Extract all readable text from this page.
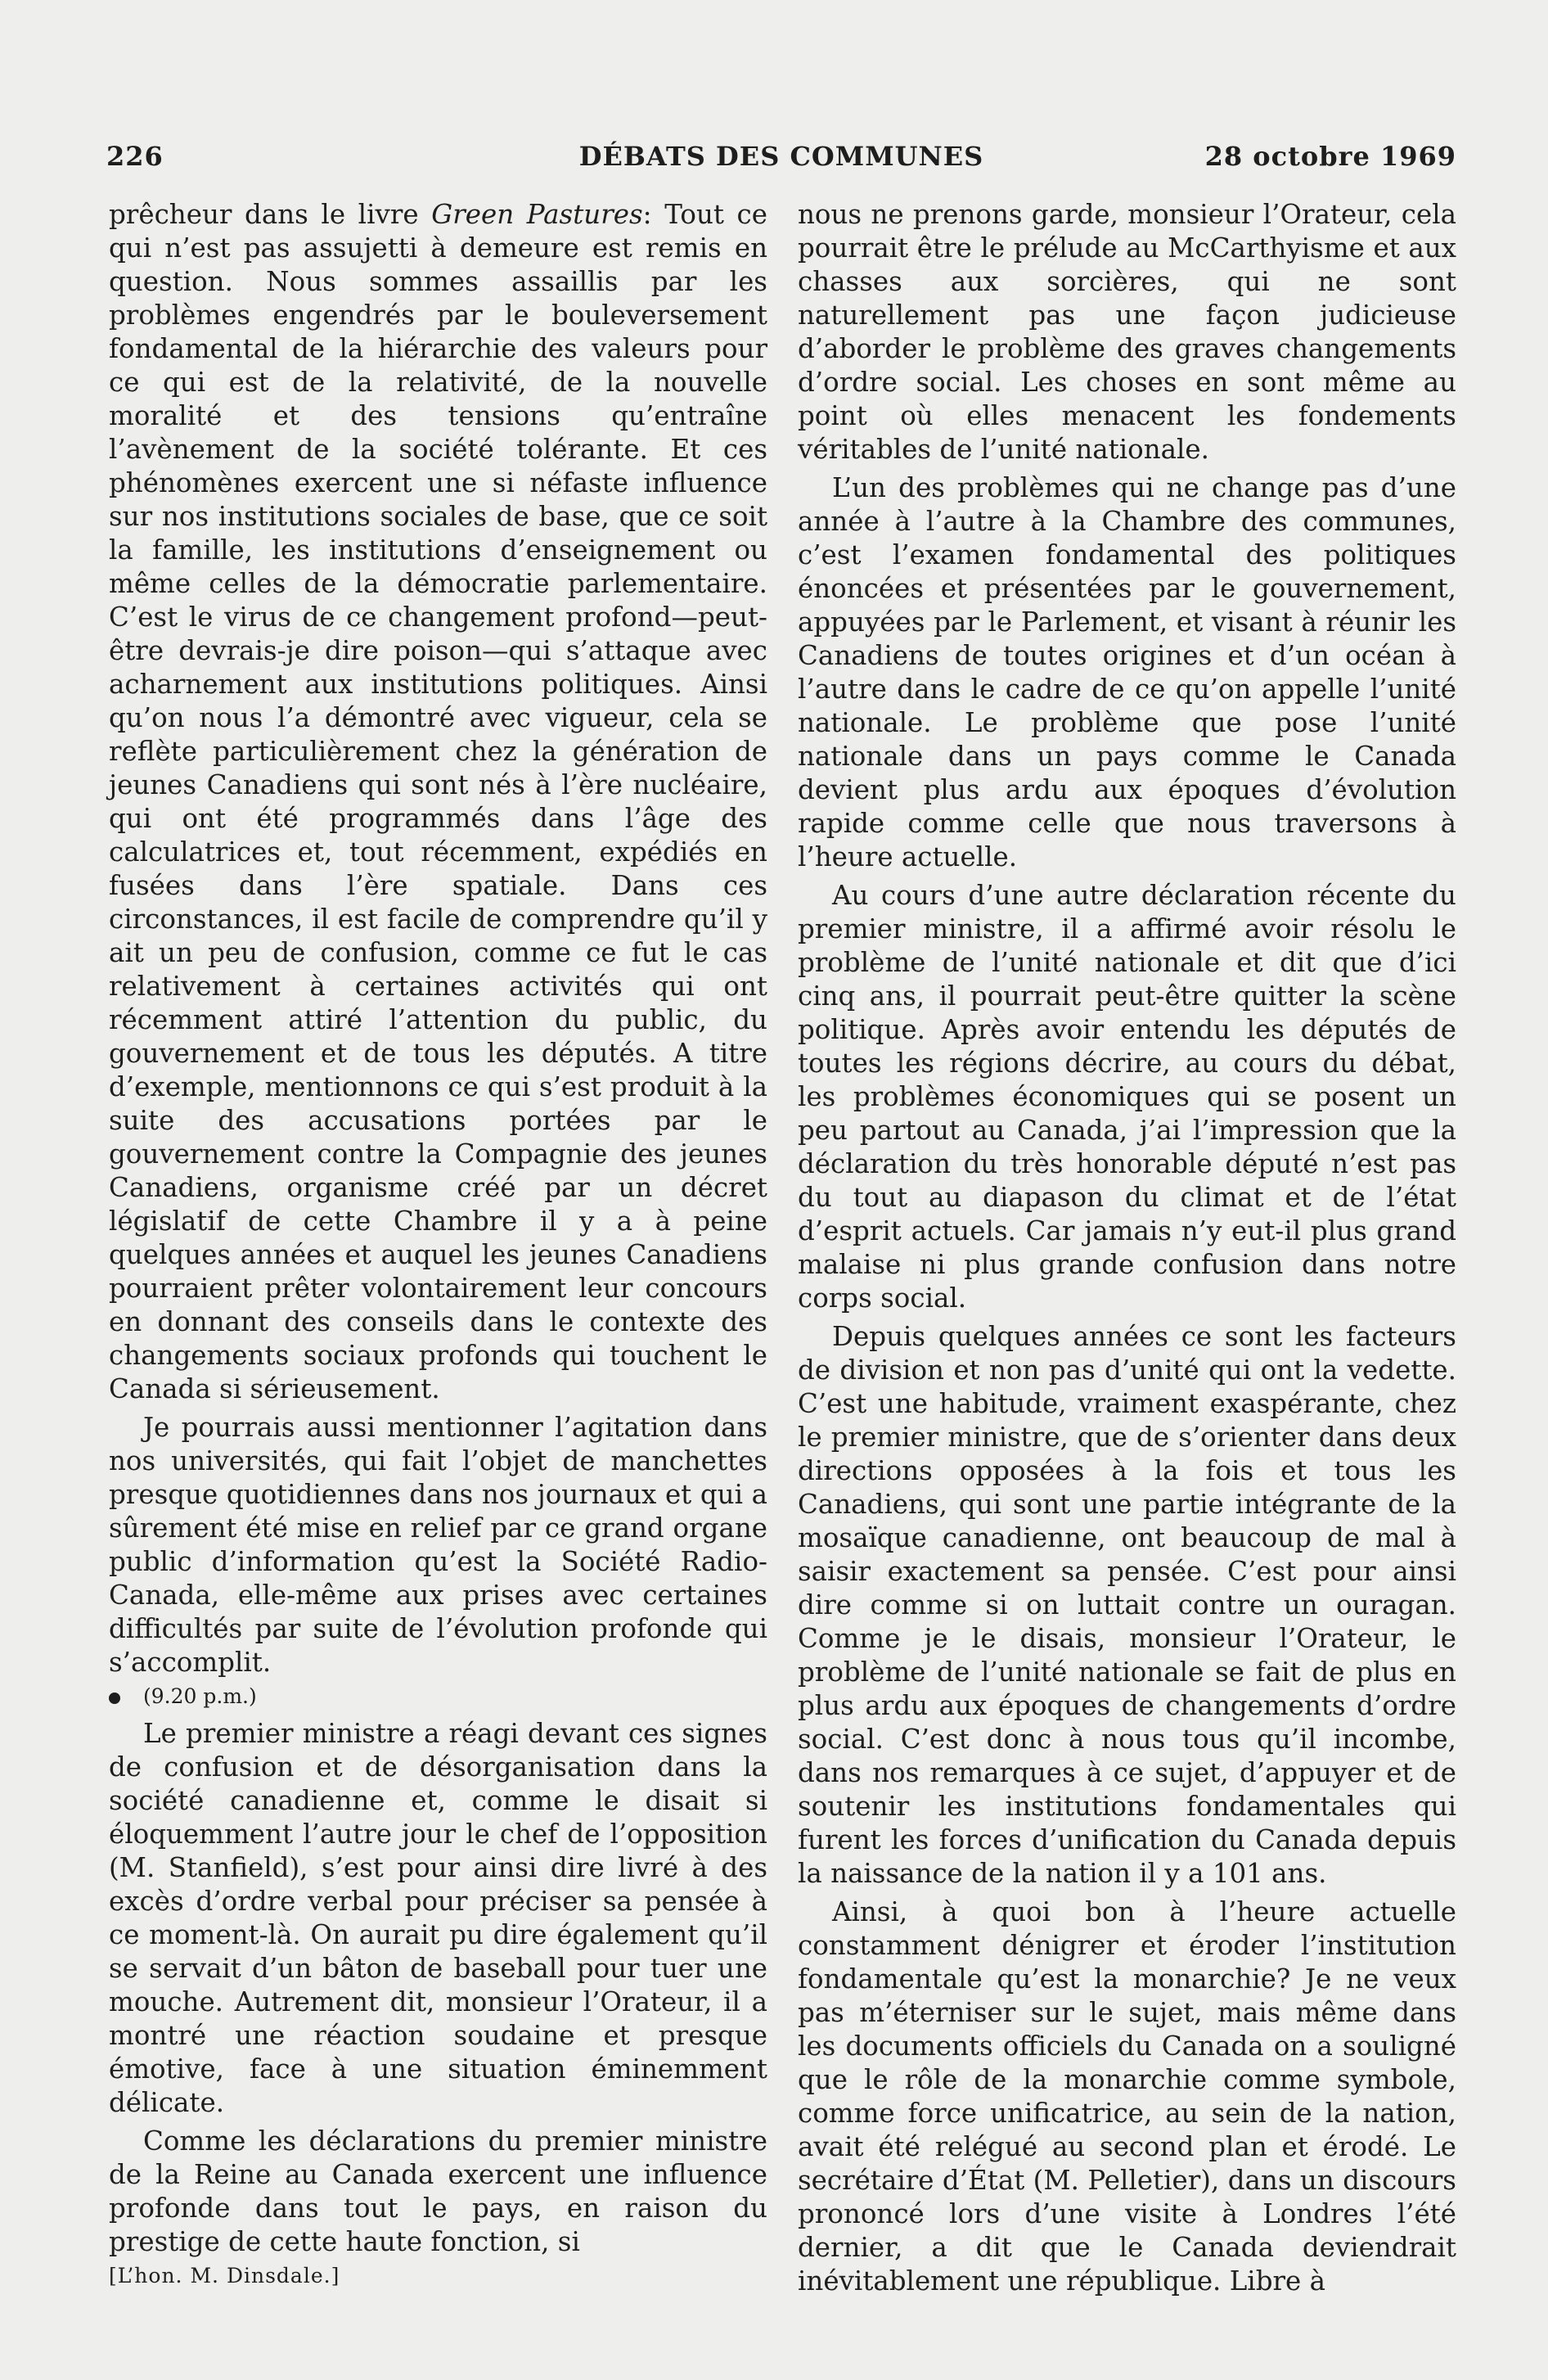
226	DÉBATS DES COMMUNES	28 octobre 1969

prêcheur dans le livre Green Pastures: Tout ce qui n’est pas assujetti à demeure est remis en question. Nous sommes assaillis par les problèmes engendrés par le bouleversement fondamental de la hiérarchie des valeurs pour ce qui est de la relativité, de la nouvelle moralité et des tensions qu’entraîne l’avènement de la société tolérante. Et ces phénomènes exercent une si néfaste influence sur nos institutions sociales de base, que ce soit la famille, les institutions d’enseignement ou même celles de la démocratie parlementaire. C’est le virus de ce changement profond—peut-être devrais-je dire poison—qui s’attaque avec acharnement aux institutions politiques. Ainsi qu’on nous l’a démontré avec vigueur, cela se reflète particulièrement chez la génération de jeunes Canadiens qui sont nés à l’ère nucléaire, qui ont été programmés dans l’âge des calculatrices et, tout récemment, expédiés en fusées dans l’ère spatiale. Dans ces circonstances, il est facile de comprendre qu’il y ait un peu de confusion, comme ce fut le cas relativement à certaines activités qui ont récemment attiré l’attention du public, du gouvernement et de tous les députés. A titre d’exemple, mentionnons ce qui s’est produit à la suite des accusations portées par le gouvernement contre la Compagnie des jeunes Canadiens, organisme créé par un décret législatif de cette Chambre il y a à peine quelques années et auquel les jeunes Canadiens pourraient prêter volontairement leur concours en donnant des conseils dans le contexte des changements sociaux profonds qui touchent le Canada si sérieusement.

Je pourrais aussi mentionner l’agitation dans nos universités, qui fait l’objet de manchettes presque quotidiennes dans nos journaux et qui a sûrement été mise en relief par ce grand organe public d’information qu’est la Société Radio-Canada, elle-même aux prises avec certaines difficultés par suite de l’évolution profonde qui s’accomplit.

(9.20 p.m.)

Le premier ministre a réagi devant ces signes de confusion et de désorganisation dans la société canadienne et, comme le disait si éloquemment l’autre jour le chef de l’opposition (M. Stanfield), s’est pour ainsi dire livré à des excès d’ordre verbal pour préciser sa pensée à ce moment-là. On aurait pu dire également qu’il se servait d’un bâton de baseball pour tuer une mouche. Autrement dit, monsieur l’Orateur, il a montré une réaction soudaine et presque émotive, face à une situation éminemment délicate.

Comme les déclarations du premier ministre de la Reine au Canada exercent une influence profonde dans tout le pays, en raison du prestige de cette haute fonction, si

[L’hon. M. Dinsdale.]

nous ne prenons garde, monsieur l’Orateur, cela pourrait être le prélude au McCarthyisme et aux chasses aux sorcières, qui ne sont naturellement pas une façon judicieuse d’aborder le problème des graves changements d’ordre social. Les choses en sont même au point où elles menacent les fondements véritables de l’unité nationale.

L’un des problèmes qui ne change pas d’une année à l’autre à la Chambre des communes, c’est l’examen fondamental des politiques énoncées et présentées par le gouvernement, appuyées par le Parlement, et visant à réunir les Canadiens de toutes origines et d’un océan à l’autre dans le cadre de ce qu’on appelle l’unité nationale. Le problème que pose l’unité nationale dans un pays comme le Canada devient plus ardu aux époques d’évolution rapide comme celle que nous traversons à l’heure actuelle.

Au cours d’une autre déclaration récente du premier ministre, il a affirmé avoir résolu le problème de l’unité nationale et dit que d’ici cinq ans, il pourrait peut-être quitter la scène politique. Après avoir entendu les députés de toutes les régions décrire, au cours du débat, les problèmes économiques qui se posent un peu partout au Canada, j’ai l’impression que la déclaration du très honorable député n’est pas du tout au diapason du climat et de l’état d’esprit actuels. Car jamais n’y eut-il plus grand malaise ni plus grande confusion dans notre corps social.

Depuis quelques années ce sont les facteurs de division et non pas d’unité qui ont la vedette. C’est une habitude, vraiment exaspérante, chez le premier ministre, que de s’orienter dans deux directions opposées à la fois et tous les Canadiens, qui sont une partie intégrante de la mosaïque canadienne, ont beaucoup de mal à saisir exactement sa pensée. C’est pour ainsi dire comme si on luttait contre un ouragan. Comme je le disais, monsieur l’Orateur, le problème de l’unité nationale se fait de plus en plus ardu aux époques de changements d’ordre social. C’est donc à nous tous qu’il incombe, dans nos remarques à ce sujet, d’appuyer et de soutenir les institutions fondamentales qui furent les forces d’unification du Canada depuis la naissance de la nation il y a 101 ans.

Ainsi, à quoi bon à l’heure actuelle constamment dénigrer et éroder l’institution fondamentale qu’est la monarchie? Je ne veux pas m’éterniser sur le sujet, mais même dans les documents officiels du Canada on a souligné que le rôle de la monarchie comme symbole, comme force unificatrice, au sein de la nation, avait été relégué au second plan et érodé. Le secrétaire d’État (M. Pelletier), dans un discours prononcé lors d’une visite à Londres l’été dernier, a dit que le Canada deviendrait inévitablement une république. Libre à
